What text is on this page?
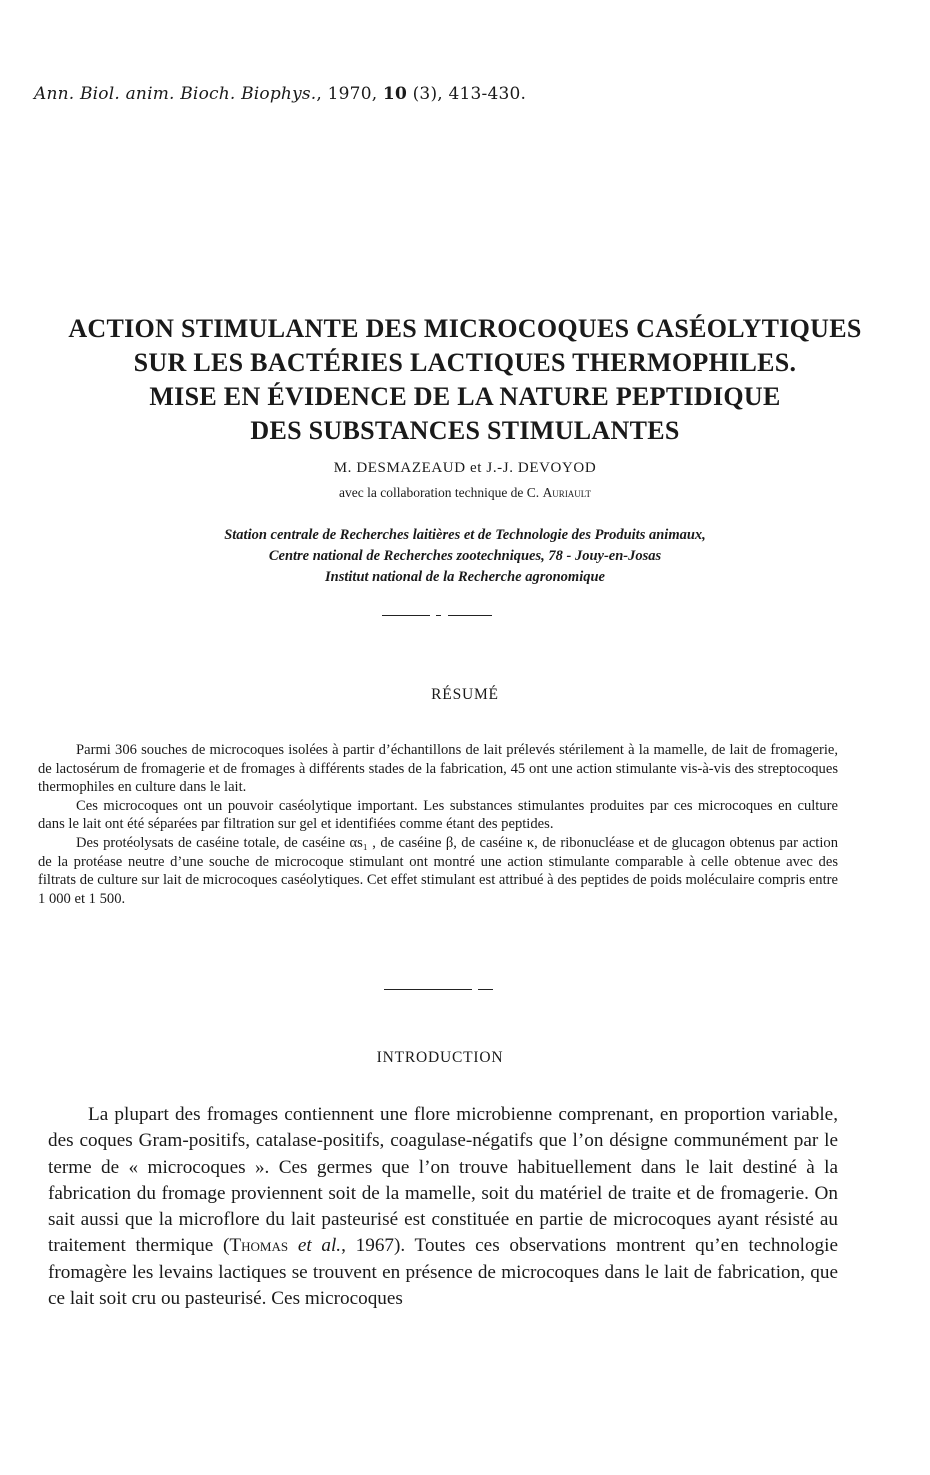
Ann. Biol. anim. Bioch. Biophys., 1970, 10 (3), 413-430.
ACTION STIMULANTE DES MICROCOQUES CASÉOLYTIQUES
SUR LES BACTÉRIES LACTIQUES THERMOPHILES.
MISE EN ÉVIDENCE DE LA NATURE PEPTIDIQUE
DES SUBSTANCES STIMULANTES
M. DESMAZEAUD et J.-J. DEVOYOD
avec la collaboration technique de C. Auriault
Station centrale de Recherches laitières et de Technologie des Produits animaux,
Centre national de Recherches zootechniques, 78 - Jouy-en-Josas
Institut national de la Recherche agronomique
RÉSUMÉ

Parmi 306 souches de microcoques isolées à partir d’échantillons de lait prélevés stérilement à la mamelle, de lait de fromagerie, de lactosérum de fromagerie et de fromages à différents stades de la fabrication, 45 ont une action stimulante vis-à-vis des streptocoques thermophiles en culture dans le lait.

Ces microcoques ont un pouvoir caséolytique important. Les substances stimulantes produites par ces microcoques en culture dans le lait ont été séparées par filtration sur gel et identifiées comme étant des peptides.

Des protéolysats de caséine totale, de caséine αs₁ , de caséine β, de caséine κ, de ribonucléase et de glucagon obtenus par action de la protéase neutre d’une souche de microcoque stimulant ont montré une action stimulante comparable à celle obtenue avec des filtrats de culture sur lait de microcoques caséolytiques. Cet effet stimulant est attribué à des peptides de poids moléculaire compris entre 1 000 et 1 500.

INTRODUCTION

La plupart des fromages contiennent une flore microbienne comprenant, en proportion variable, des coques Gram-positifs, catalase-positifs, coagulase-négatifs que l’on désigne communément par le terme de « microcoques ». Ces germes que l’on trouve habituellement dans le lait destiné à la fabrication du fromage proviennent soit de la mamelle, soit du matériel de traite et de fromagerie. On sait aussi que la microflore du lait pasteurisé est constituée en partie de microcoques ayant résisté au traitement thermique (Thomas et al., 1967). Toutes ces observations montrent qu’en technologie fromagère les levains lactiques se trouvent en présence de microcoques dans le lait de fabrication, que ce lait soit cru ou pasteurisé. Ces microcoques
